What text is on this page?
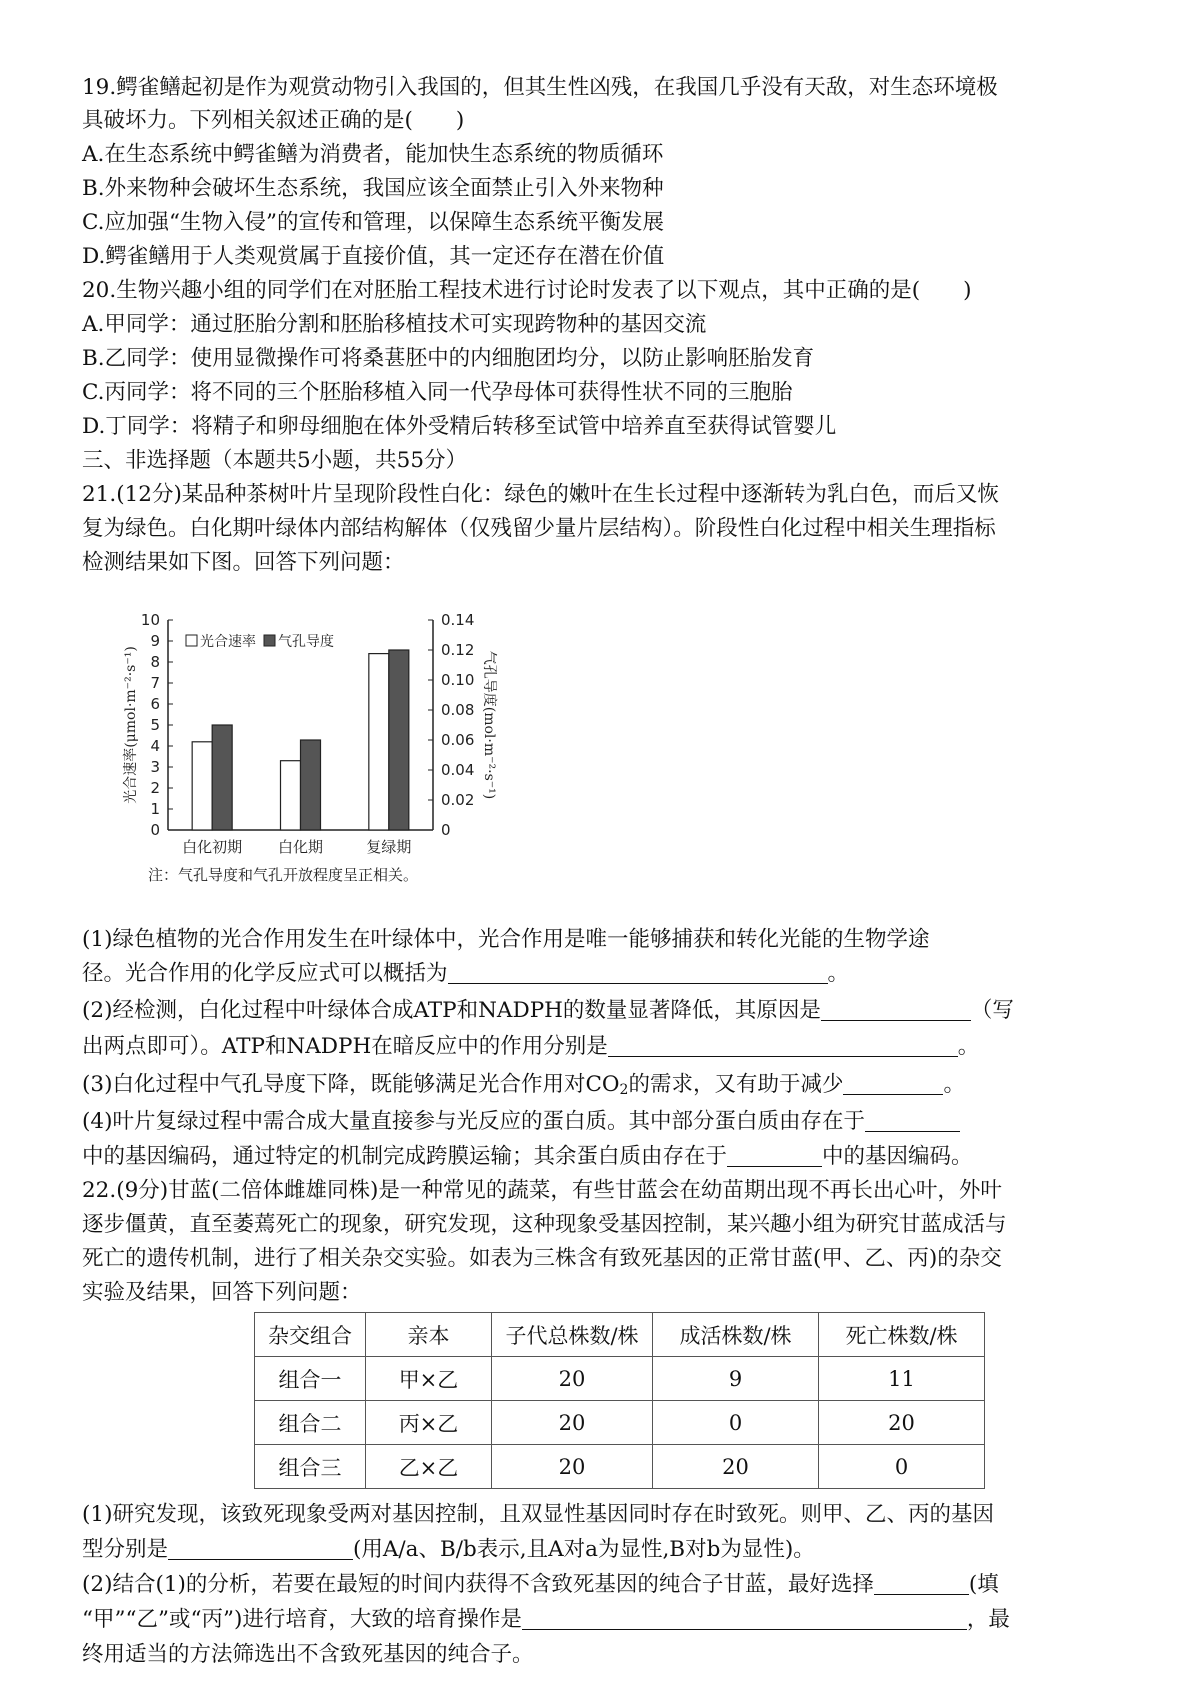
19.鳄雀鳝起初是作为观赏动物引入我国的，但其生性凶残，在我国几乎没有天敌，对生态环境极
具破坏力。下列相关叙述正确的是(　　)
A.在生态系统中鳄雀鳝为消费者，能加快生态系统的物质循环
B.外来物种会破坏生态系统，我国应该全面禁止引入外来物种
C.应加强“生物入侵”的宣传和管理，以保障生态系统平衡发展
D.鳄雀鳝用于人类观赏属于直接价值，其一定还存在潜在价值
20.生物兴趣小组的同学们在对胚胎工程技术进行讨论时发表了以下观点，其中正确的是(　　)
A.甲同学：通过胚胎分割和胚胎移植技术可实现跨物种的基因交流
B.乙同学：使用显微操作可将桑葚胚中的内细胞团均分，以防止影响胚胎发育
C.丙同学：将不同的三个胚胎移植入同一代孕母体可获得性状不同的三胞胎
D.丁同学：将精子和卵母细胞在体外受精后转移至试管中培养直至获得试管婴儿
三、非选择题（本题共5小题，共55分）
21.(12分)某品种茶树叶片呈现阶段性白化：绿色的嫩叶在生长过程中逐渐转为乳白色，而后又恢
复为绿色。白化期叶绿体内部结构解体（仅残留少量片层结构）。阶段性白化过程中相关生理指标
检测结果如下图。回答下列问题：
0
1
2
3
4
5
6
7
8
9
10
0
0.02
0.04
0.06
0.08
0.10
0.12
0.14
白化初期 白化期	复绿期
光合速率 气孔导度
光合速率(μmol·m⁻²·s⁻¹)	气孔导度(mol·m⁻²·s⁻¹)
注：气孔导度和气孔开放程度呈正相关。
(1)绿色植物的光合作用发生在叶绿体中，光合作用是唯一能够捕获和转化光能的生物学途
径。光合作用的化学反应式可以概括为	。
(2)经检测，白化过程中叶绿体合成ATP和NADPH的数量显著降低，其原因是	（写
出两点即可）。ATP和NADPH在暗反应中的作用分别是	。
(3)白化过程中气孔导度下降，既能够满足光合作用对$CO_2$的需求，又有助于减少	。
(4)叶片复绿过程中需合成大量直接参与光反应的蛋白质。其中部分蛋白质由存在于
中的基因编码，通过特定的机制完成跨膜运输；其余蛋白质由存在于	中的基因编码。
22.(9分)甘蓝(二倍体雌雄同株)是一种常见的蔬菜，有些甘蓝会在幼苗期出现不再长出心叶，外叶
逐步僵黄，直至萎蔫死亡的现象，研究发现，这种现象受基因控制，某兴趣小组为研究甘蓝成活与
死亡的遗传机制，进行了相关杂交实验。如表为三株含有致死基因的正常甘蓝(甲、乙、丙)的杂交
实验及结果，回答下列问题：
杂交组合	亲本	子代总株数/株	成活株数/株	死亡株数/株
组合一	甲×乙	20	9	11
组合二	丙×乙	20	0	20
组合三	乙×乙	20	20	0
(1)研究发现，该致死现象受两对基因控制，且双显性基因同时存在时致死。则甲、乙、丙的基因
型分别是	(用A/a、B/b表示,且A对a为显性,B对b为显性)。
(2)结合(1)的分析，若要在最短的时间内获得不含致死基因的纯合子甘蓝，最好选择	(填
“甲”“乙”或“丙”)进行培育，大致的培育操作是	，最
终用适当的方法筛选出不含致死基因的纯合子。
